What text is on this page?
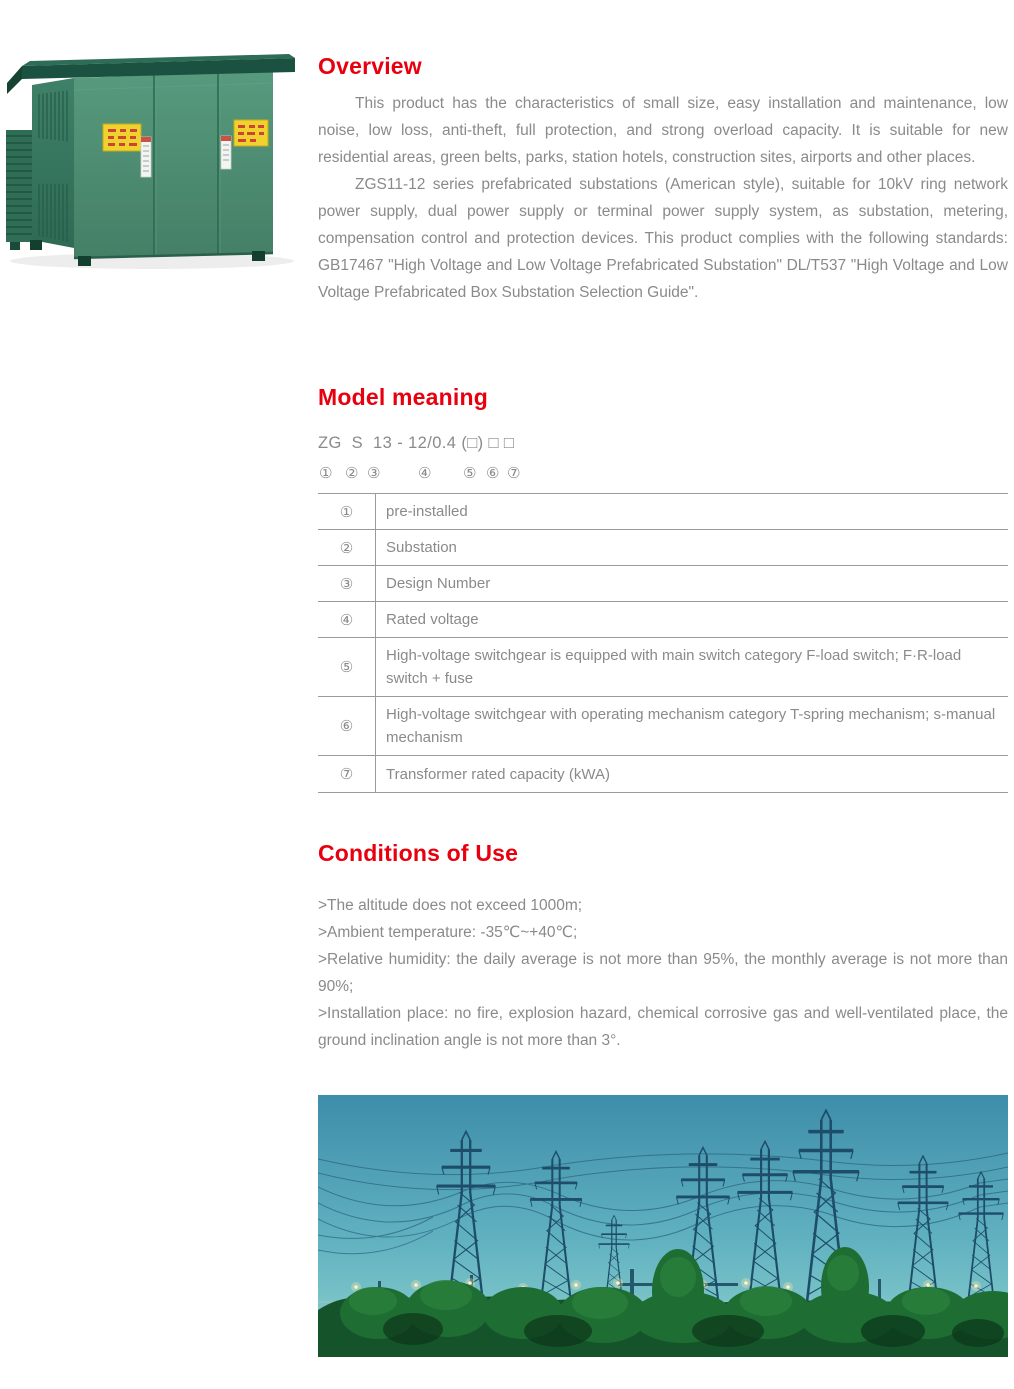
Overview

This product has the characteristics of small size, easy installation and maintenance, low noise, low loss, anti-theft, full protection, and strong overload capacity. It is suitable for new residential areas, green belts, parks, station hotels, construction sites, airports and other places.

ZGS11-12 series prefabricated substations (American style), suitable for 10kV ring network power supply, dual power supply or terminal power supply system, as substation, metering, compensation control and protection devices. This product complies with the following standards: GB17467 "High Voltage and Low Voltage Prefabricated Substation" DL/T537 "High Voltage and Low Voltage Prefabricated Box Substation Selection Guide".

Model meaning
ZG  S  13 - 12/0.4 (□) □ □
① ② ③	④ ⑤ ⑥ ⑦
①	pre-installed
②	Substation
③	Design Number
④	Rated voltage
⑤	High-voltage switchgear is equipped with main switch category F-load switch; F·R-load switch + fuse
⑥	High-voltage switchgear with operating mechanism category T-spring mechanism; s-manual mechanism
⑦	Transformer rated capacity (kWA)
Conditions of Use
>The altitude does not exceed 1000m;
>Ambient temperature: -35℃~+40℃;
>Relative humidity: the daily average is not more than 95%, the monthly average is not more than 90%;
>Installation place: no fire, explosion hazard, chemical corrosive gas and well-ventilated place, the ground inclination angle is not more than 3°.
